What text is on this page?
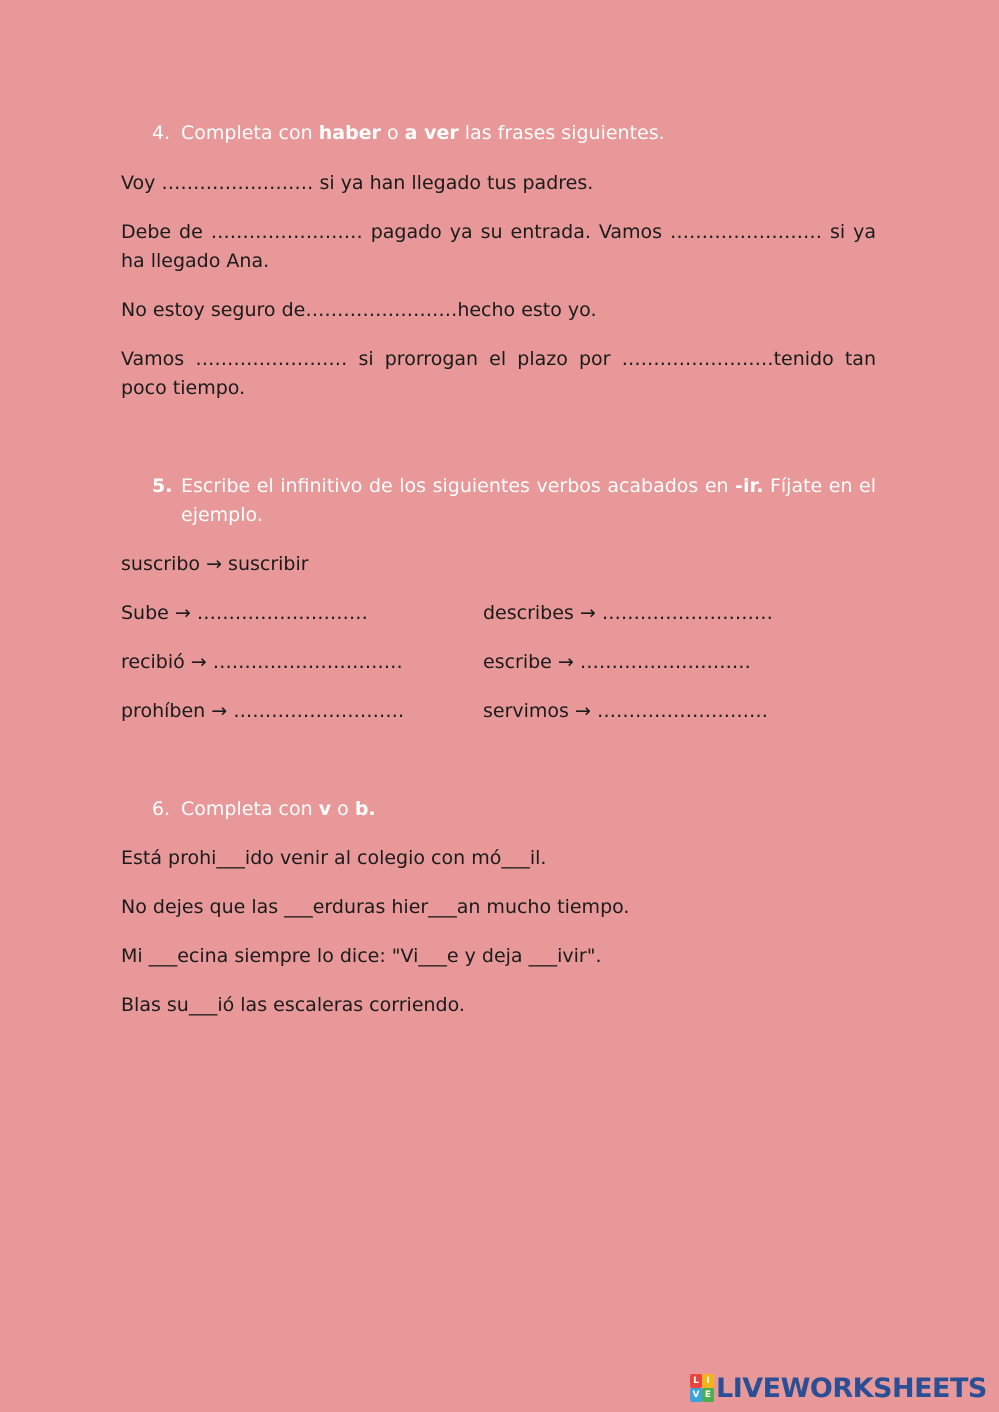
4. Completa con haber o a ver las frases siguientes.
Voy …………………… si ya han llegado tus padres.
Debe de …………………… pagado ya su entrada. Vamos …………………… si ya ha llegado Ana.
No estoy seguro de……………………hecho esto yo.
Vamos …………………… si prorrogan el plazo por ……………………tenido tan poco tiempo.
5. Escribe el infinitivo de los siguientes verbos acabados en -ir. Fíjate en el ejemplo.
suscribo → suscribir
Sube → ………………………	describes → ………………………
recibió → …………………………	escribe → ………………………
prohíben → ………………………	servimos → ………………………
6. Completa con v o b.
Está prohi___ido venir al colegio con mó___il.
No dejes que las ___erduras hier___an mucho tiempo.
Mi ___ecina siempre lo dice: "Vi___e y deja ___ivir".
Blas su___ió las escaleras corriendo.
L I
V E LIVEWORKSHEETS
